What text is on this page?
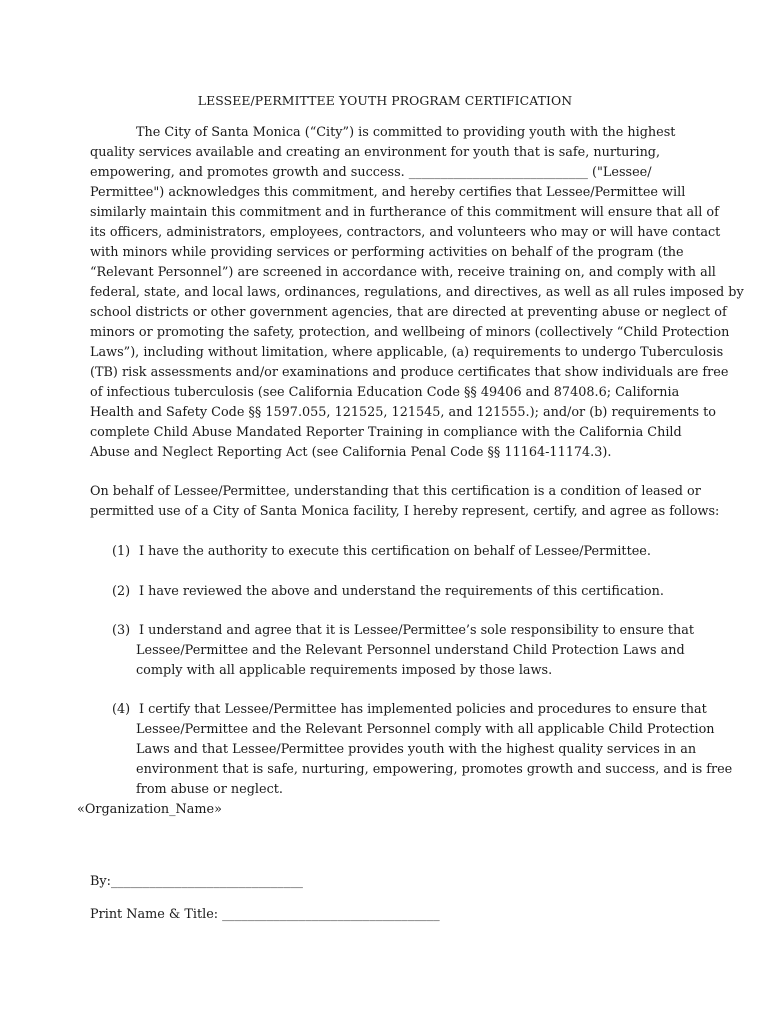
LESSEE/PERMITTEE YOUTH PROGRAM CERTIFICATION
The City of Santa Monica (“City”) is committed to providing youth with the highest
quality services available and creating an environment for youth that is safe, nurturing,
empowering, and promotes growth and success. ____________________________ ("Lessee/
Permittee") acknowledges this commitment, and hereby certifies that Lessee/Permittee will
similarly maintain this commitment and in furtherance of this commitment will ensure that all of
its officers, administrators, employees, contractors, and volunteers who may or will have contact
with minors while providing services or performing activities on behalf of the program (the
“Relevant Personnel”) are screened in accordance with, receive training on, and comply with all
federal, state, and local laws, ordinances, regulations, and directives, as well as all rules imposed by
school districts or other government agencies, that are directed at preventing abuse or neglect of
minors or promoting the safety, protection, and wellbeing of minors (collectively “Child Protection
Laws”), including without limitation, where applicable, (a) requirements to undergo Tuberculosis
(TB) risk assessments and/or examinations and produce certificates that show individuals are free
of infectious tuberculosis (see California Education Code §§ 49406 and 87408.6; California
Health and Safety Code §§ 1597.055, 121525, 121545, and 121555.); and/or (b) requirements to
complete Child Abuse Mandated Reporter Training in compliance with the California Child
Abuse and Neglect Reporting Act (see California Penal Code §§ 11164-11174.3).
On behalf of Lessee/Permittee, understanding that this certification is a condition of leased or
permitted use of a City of Santa Monica facility, I hereby represent, certify, and agree as follows:
(1) I have the authority to execute this certification on behalf of Lessee/Permittee.
(2) I have reviewed the above and understand the requirements of this certification.
(3) I understand and agree that it is Lessee/Permittee’s sole responsibility to ensure that
Lessee/Permittee and the Relevant Personnel understand Child Protection Laws and
comply with all applicable requirements imposed by those laws.
(4) I certify that Lessee/Permittee has implemented policies and procedures to ensure that
Lessee/Permittee and the Relevant Personnel comply with all applicable Child Protection
Laws and that Lessee/Permittee provides youth with the highest quality services in an
environment that is safe, nurturing, empowering, promotes growth and success, and is free
from abuse or neglect.
«Organization_Name»
By:______________________________
Print Name & Title: __________________________________
